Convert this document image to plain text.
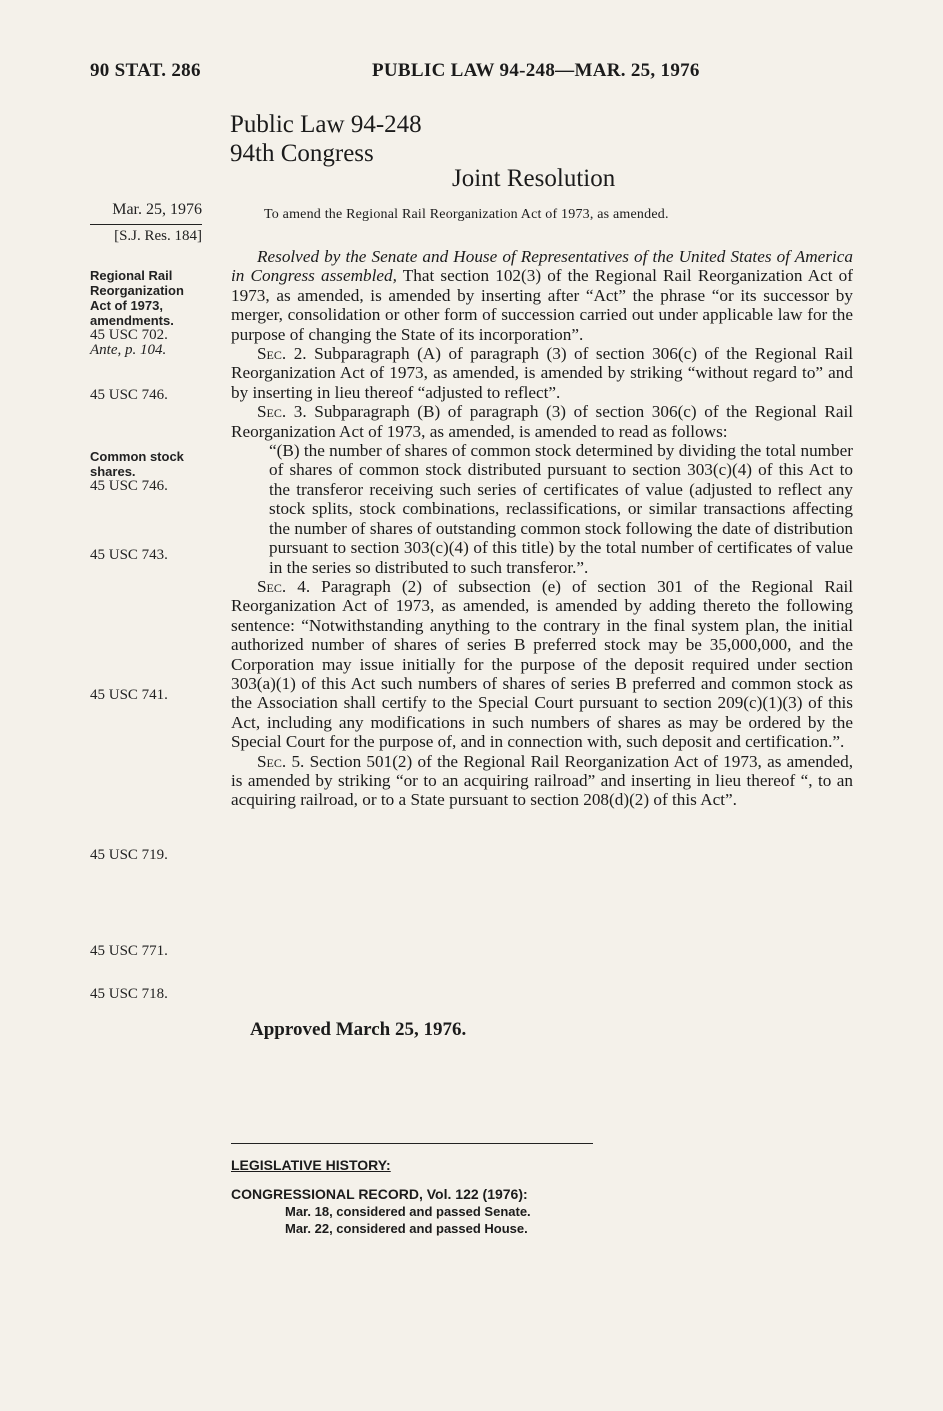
90 STAT. 286	PUBLIC LAW 94-248—MAR. 25, 1976
Public Law 94-248
94th Congress
Joint Resolution
Mar. 25, 1976
[S.J. Res. 184]
Regional Rail
Reorganization
Act of 1973,
amendments.
45 USC 702.
Ante, p. 104.
45 USC 746.
Common stock
shares.
45 USC 746.
45 USC 743.
45 USC 741.
45 USC 719.
45 USC 771.
45 USC 718.
To amend the Regional Rail Reorganization Act of 1973, as amended.

Resolved by the Senate and House of Representatives of the United States of America in Congress assembled, That section 102(3) of the Regional Rail Reorganization Act of 1973, as amended, is amended by inserting after “Act” the phrase “or its successor by merger, consolidation or other form of succession carried out under applicable law for the purpose of changing the State of its incorporation”.

Sec. 2. Subparagraph (A) of paragraph (3) of section 306(c) of the Regional Rail Reorganization Act of 1973, as amended, is amended by striking “without regard to” and by inserting in lieu thereof “adjusted to reflect”.

Sec. 3. Subparagraph (B) of paragraph (3) of section 306(c) of the Regional Rail Reorganization Act of 1973, as amended, is amended to read as follows:

“(B) the number of shares of common stock determined by dividing the total number of shares of common stock distributed pursuant to section 303(c)(4) of this Act to the transferor receiving such series of certificates of value (adjusted to reflect any stock splits, stock combinations, reclassifications, or similar transactions affecting the number of shares of outstanding common stock following the date of distribution pursuant to section 303(c)(4) of this title) by the total number of certificates of value in the series so distributed to such transferor.”.

Sec. 4. Paragraph (2) of subsection (e) of section 301 of the Regional Rail Reorganization Act of 1973, as amended, is amended by adding thereto the following sentence: “Notwithstanding anything to the contrary in the final system plan, the initial authorized number of shares of series B preferred stock may be 35,000,000, and the Corporation may issue initially for the purpose of the deposit required under section 303(a)(1) of this Act such numbers of shares of series B preferred and common stock as the Association shall certify to the Special Court pursuant to section 209(c)(1)(3) of this Act, including any modifications in such numbers of shares as may be ordered by the Special Court for the purpose of, and in connection with, such deposit and certification.”.

Sec. 5. Section 501(2) of the Regional Rail Reorganization Act of 1973, as amended, is amended by striking “or to an acquiring railroad” and inserting in lieu thereof “, to an acquiring railroad, or to a State pursuant to section 208(d)(2) of this Act”.

Approved March 25, 1976.
LEGISLATIVE HISTORY:
CONGRESSIONAL RECORD, Vol. 122 (1976):
Mar. 18, considered and passed Senate.
Mar. 22, considered and passed House.
